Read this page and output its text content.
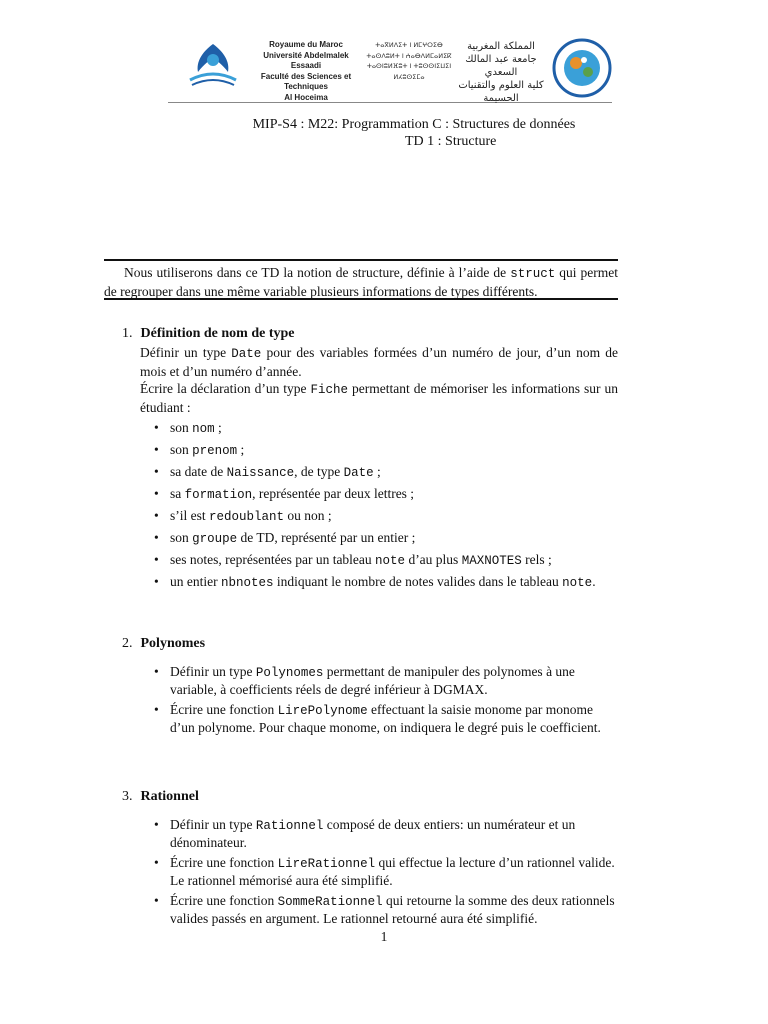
Royaume du Maroc
Université Abdelmalek Essaadi
Faculté des Sciences et Techniques
Al Hoceima
ⵜⴰⴳⵍⴷⵉⵜ ⵏ ⵍⵎⵖⵔⵉⴱ
ⵜⴰⵙⴷⵓⵍⵜ ⵏ ⵄⴰⴱⴷⵍⵎⴰⵍⵉⴽ
ⵜⴰⵙⵏⵓⵍⴼⵓⵜ ⵏ ⵜⵓⵙⵙⵏⵉⵡⵉⵏ
ⵍⵃⵓⵙⵉⵎⴰ
المملكة المغربية
جامعة عبد المالك السعدي
كلية العلوم والتقنيات
الحسيمة
MIP-S4 : M22: Programmation C : Structures de données
TD 1 : Structure
Nous utiliserons dans ce TD la notion de structure, définie à l’aide de struct qui permet de regrouper dans une même variable plusieurs informations de types différents.
1. Définition de nom de type
Définir un type Date pour des variables formées d’un numéro de jour, d’un nom de mois et d’un numéro d’année.
Écrire la déclaration d’un type Fiche permettant de mémoriser les informations sur un étudiant :
• son nom ;
• son prenom ;
• sa date de Naissance, de type Date ;
• sa formation, représentée par deux lettres ;
• s’il est redoublant ou non ;
• son groupe de TD, représenté par un entier ;
• ses notes, représentées par un tableau note d’au plus MAXNOTES rels ;
• un entier nbnotes indiquant le nombre de notes valides dans le tableau note.
2. Polynomes
• Définir un type Polynomes permettant de manipuler des polynomes à une variable, à coefficients réels de degré inférieur à DGMAX.
• Écrire une fonction LirePolynome effectuant la saisie monome par monome d’un polynome. Pour chaque monome, on indiquera le degré puis le coefficient.
3. Rationnel
• Définir un type Rationnel composé de deux entiers: un numérateur et un dénominateur.
• Écrire une fonction LireRationnel qui effectue la lecture d’un rationnel valide. Le rationnel mémorisé aura été simplifié.
• Écrire une fonction SommeRationnel qui retourne la somme des deux rationnels valides passés en argument. Le rationnel retourné aura été simplifié.
1
